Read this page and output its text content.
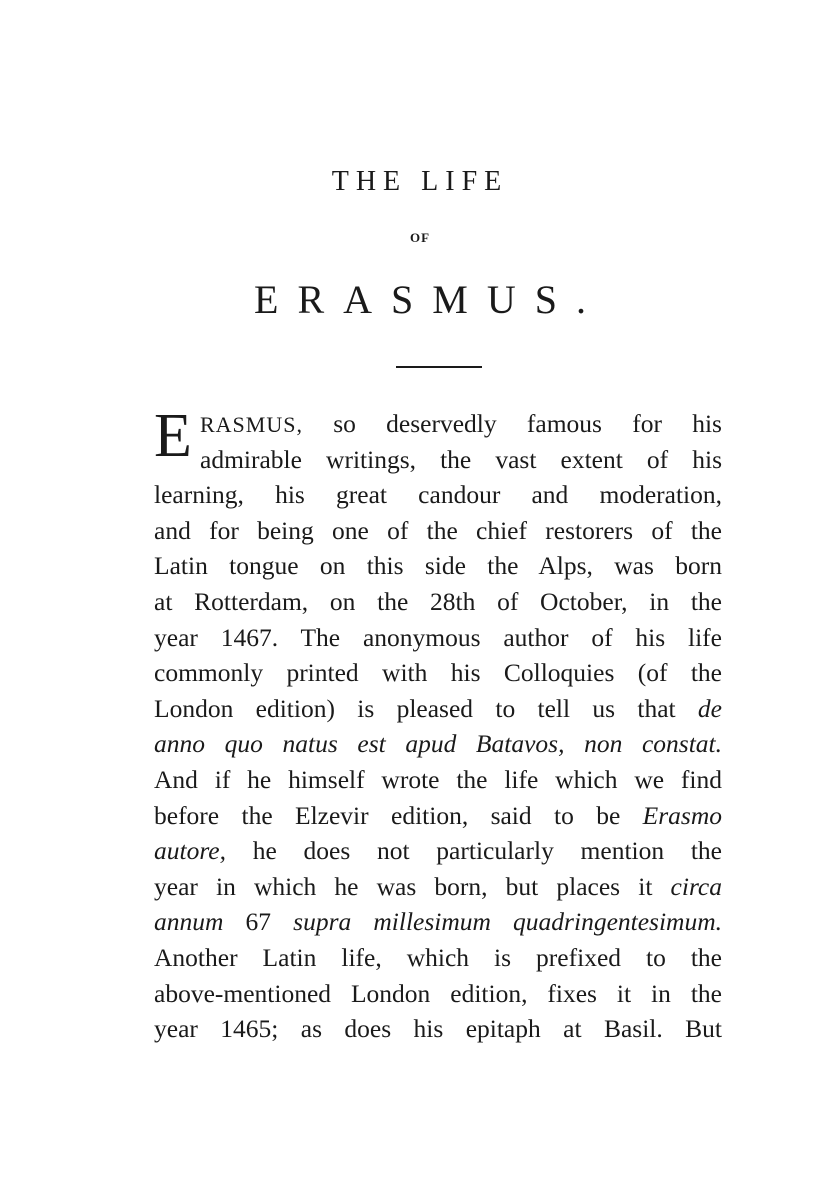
THE LIFE
OF
ERASMUS.
E RASMUS, so deservedly famous for his
admirable writings, the vast extent of his
learning, his great candour and moderation,
and for being one of the chief restorers of the
Latin tongue on this side the Alps, was born
at Rotterdam, on the 28th of October, in the
year 1467. The anonymous author of his life
commonly printed with his Colloquies (of the
London edition) is pleased to tell us that de
anno quo natus est apud Batavos, non constat.
And if he himself wrote the life which we find
before the Elzevir edition, said to be Erasmo
autore, he does not particularly mention the
year in which he was born, but places it circa
annum 67 supra millesimum quadringentesimum.
Another Latin life, which is prefixed to the
above-mentioned London edition, fixes it in the
year 1465; as does his epitaph at Basil. But
